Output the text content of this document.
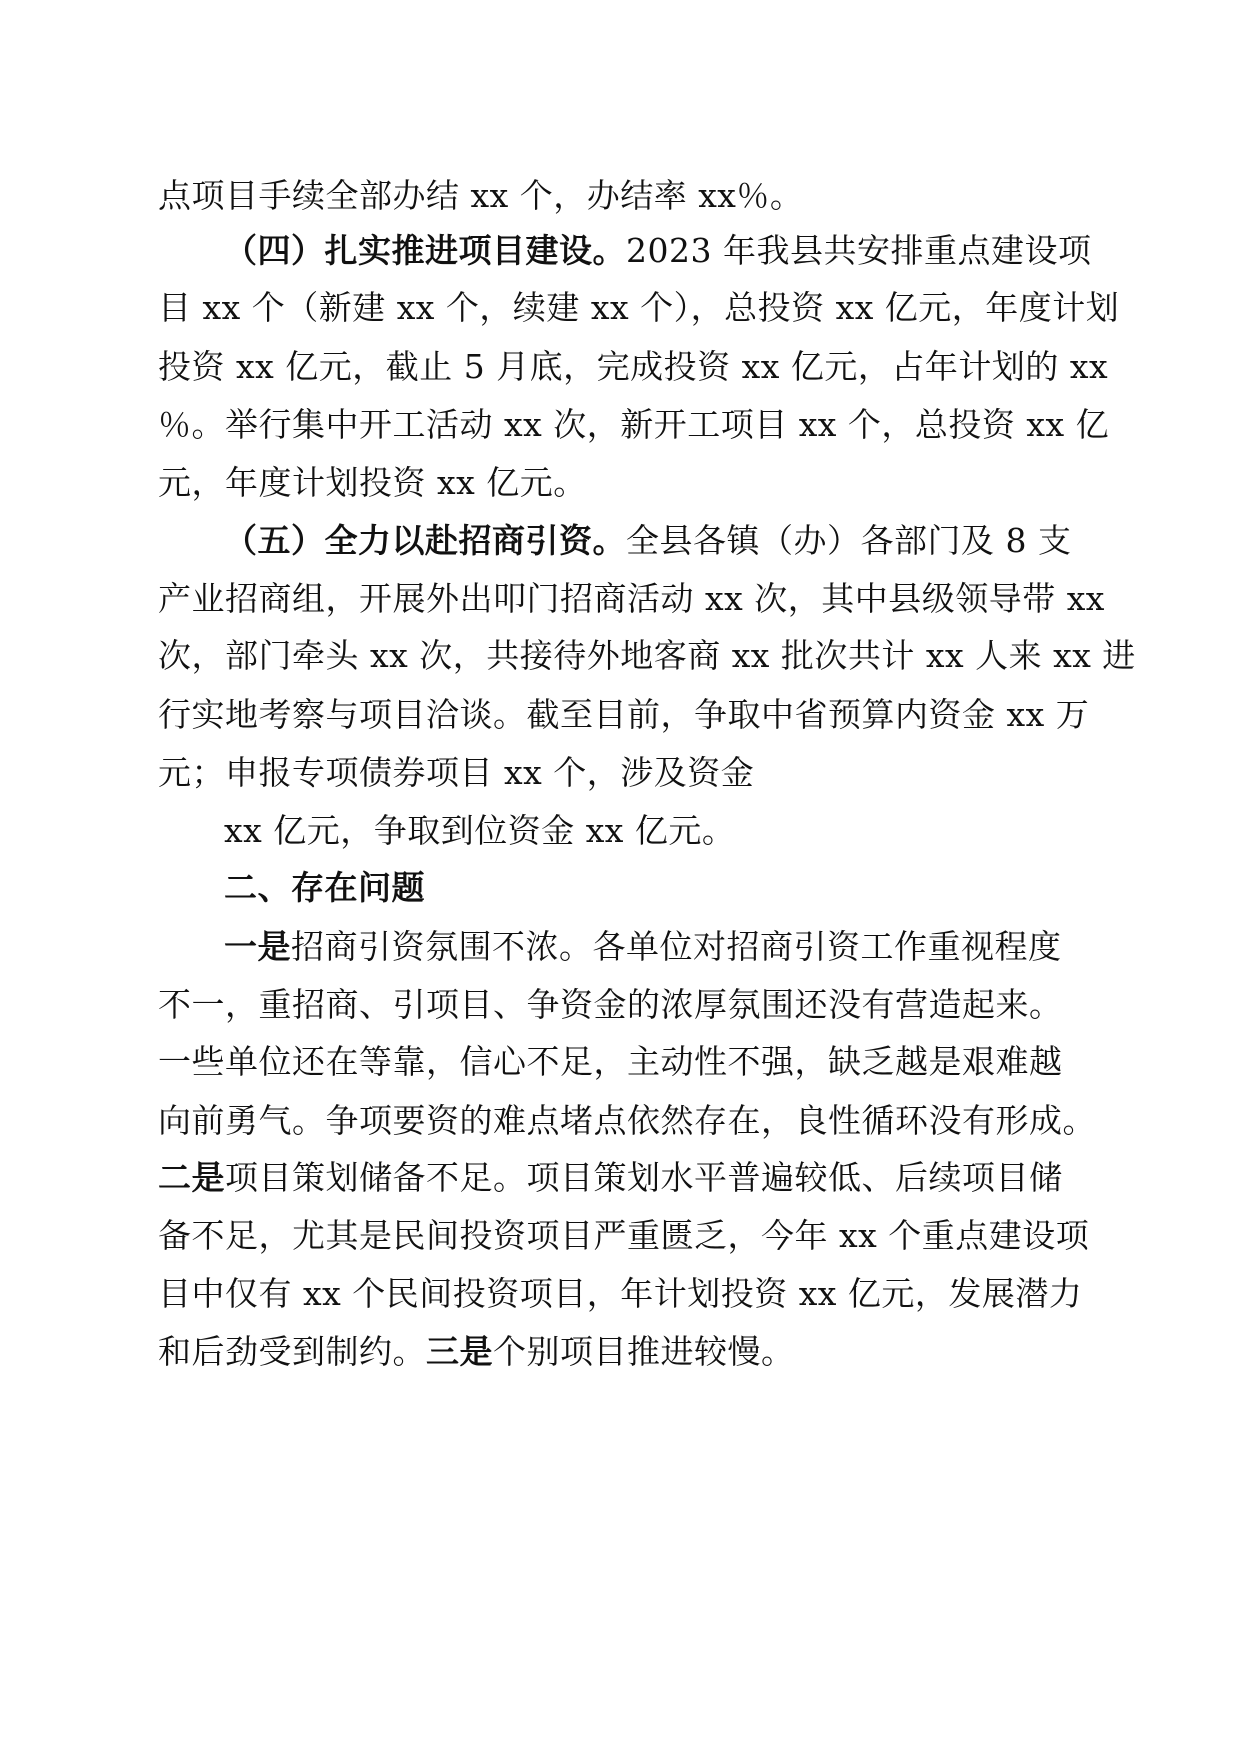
点项目手续全部办结 xx 个，办结率 xx％。
（四）扎实推进项目建设。2023 年我县共安排重点建设项
目 xx 个（新建 xx 个，续建 xx 个），总投资 xx 亿元，年度计划
投资 xx 亿元，截止 5 月底，完成投资 xx 亿元，占年计划的 xx
％。举行集中开工活动 xx 次，新开工项目 xx 个，总投资 xx 亿
元，年度计划投资 xx 亿元。
（五）全力以赴招商引资。全县各镇（办）各部门及 8 支
产业招商组，开展外出叩门招商活动 xx 次，其中县级领导带 xx
次，部门牵头 xx 次，共接待外地客商 xx 批次共计 xx 人来 xx 进
行实地考察与项目洽谈。截至目前，争取中省预算内资金 xx 万
元；申报专项债券项目 xx 个，涉及资金
xx 亿元，争取到位资金 xx 亿元。
二、存在问题
一是招商引资氛围不浓。各单位对招商引资工作重视程度
不一，重招商、引项目、争资金的浓厚氛围还没有营造起来。
一些单位还在等靠，信心不足，主动性不强，缺乏越是艰难越
向前勇气。争项要资的难点堵点依然存在，良性循环没有形成。
二是项目策划储备不足。项目策划水平普遍较低、后续项目储
备不足，尤其是民间投资项目严重匮乏，今年 xx 个重点建设项
目中仅有 xx 个民间投资项目，年计划投资 xx 亿元，发展潜力
和后劲受到制约。三是个别项目推进较慢。
